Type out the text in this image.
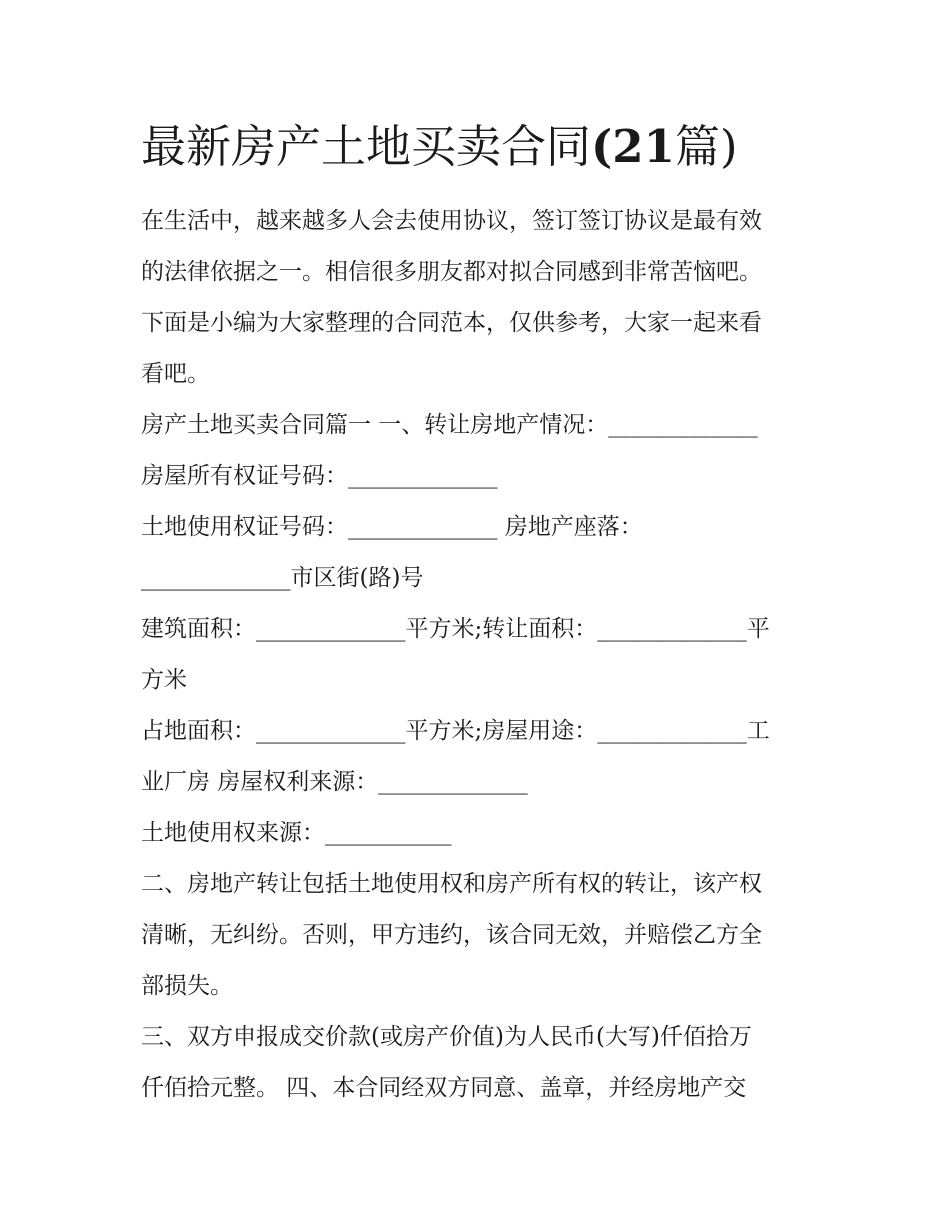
最新房产土地买卖合同(21篇)

在生活中，越来越多人会去使用协议，签订签订协议是最有效

的法律依据之一。相信很多朋友都对拟合同感到非常苦恼吧。

下面是小编为大家整理的合同范本，仅供参考，大家一起来看

看吧。

房产土地买卖合同篇一 一、转让房地产情况：_____________

房屋所有权证号码：_____________

土地使用权证号码：_____________ 房地产座落：

_____________市区街(路)号

建筑面积：_____________平方米;转让面积：_____________平

方米

占地面积：_____________平方米;房屋用途：_____________工

业厂房 房屋权利来源：_____________

土地使用权来源：___________

二、房地产转让包括土地使用权和房产所有权的转让，该产权

清晰，无纠纷。否则，甲方违约，该合同无效，并赔偿乙方全

部损失。

三、双方申报成交价款(或房产价值)为人民币(大写)仟佰拾万

仟佰拾元整。 四、本合同经双方同意、盖章，并经房地产交
